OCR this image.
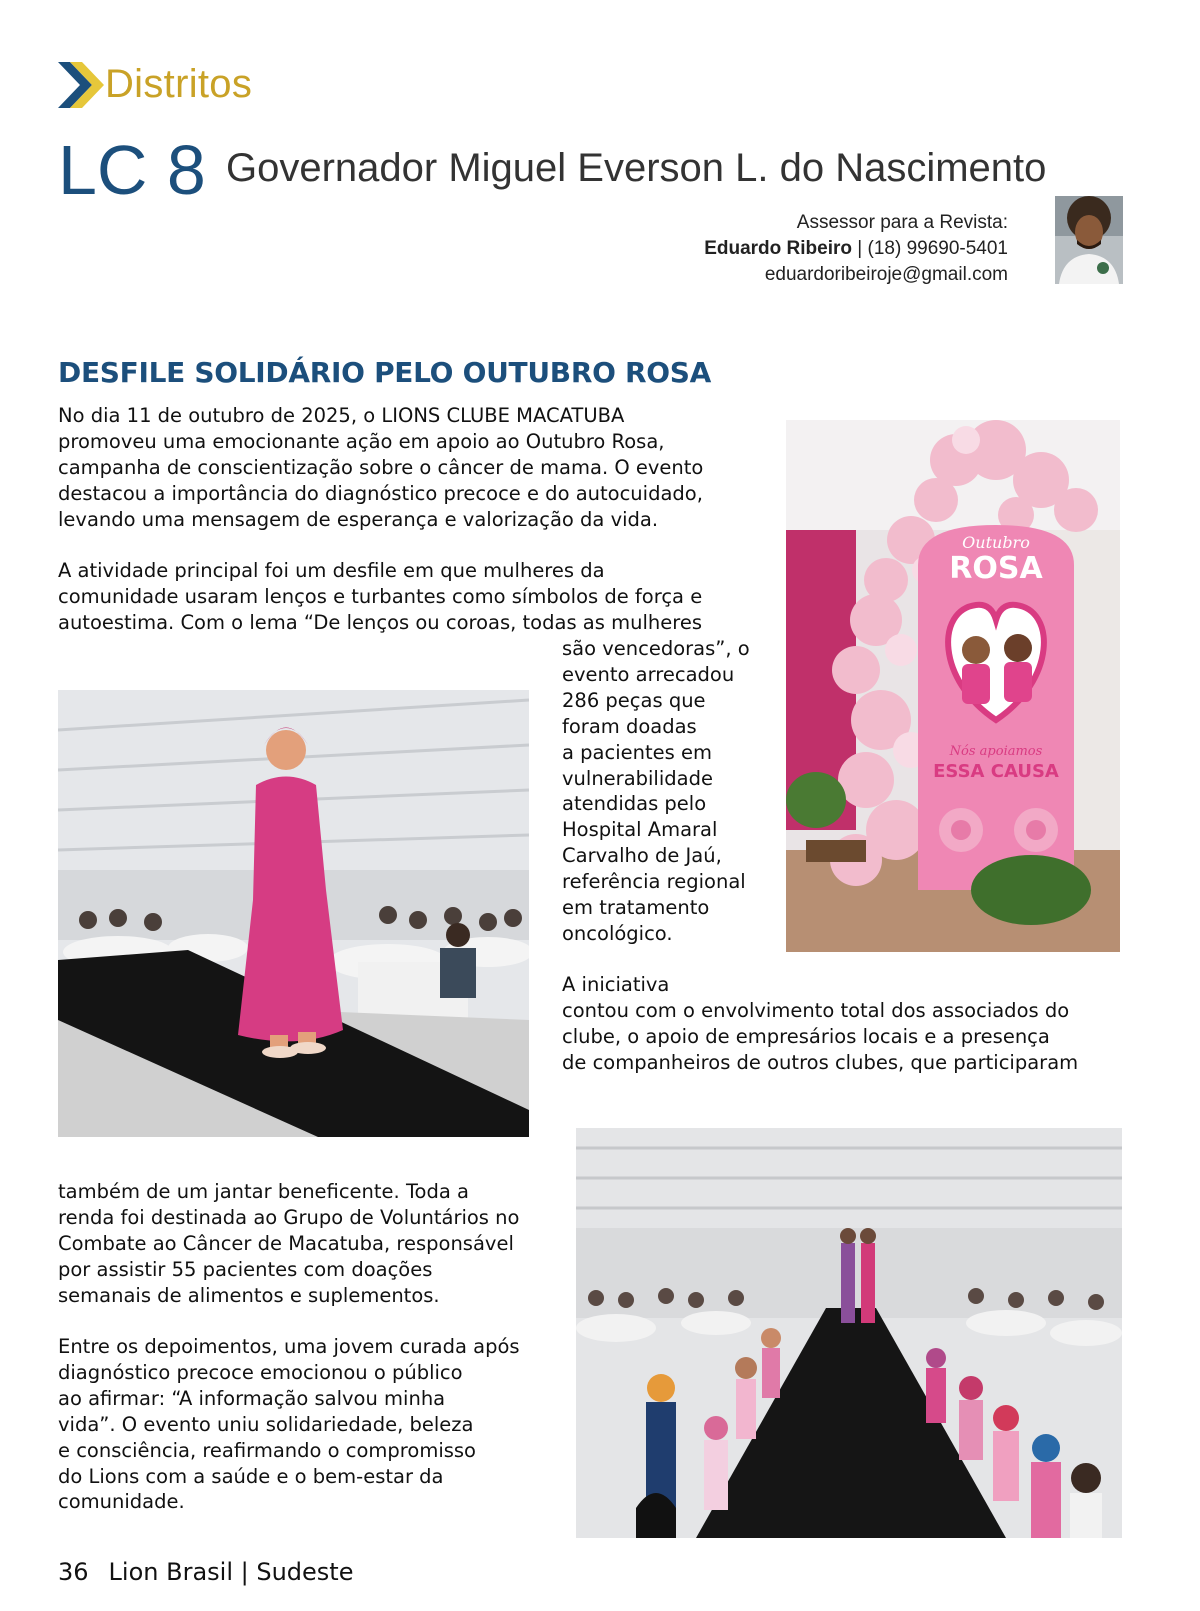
Distritos
LC 8 Governador Miguel Everson L. do Nascimento
Assessor para a Revista:
Eduardo Ribeiro | (18) 99690-5401
eduardoribeiroje@gmail.com
DESFILE SOLIDÁRIO PELO OUTUBRO ROSA
No dia 11 de outubro de 2025, o LIONS CLUBE MACATUBA
promoveu uma emocionante ação em apoio ao Outubro Rosa,
campanha de conscientização sobre o câncer de mama. O evento
destacou a importância do diagnóstico precoce e do autocuidado,
levando uma mensagem de esperança e valorização da vida.
A atividade principal foi um desfile em que mulheres da
comunidade usaram lenços e turbantes como símbolos de força e
autoestima. Com o lema “De lenços ou coroas, todas as mulheres
são vencedoras”, o
evento arrecadou
286 peças que
foram doadas
a pacientes em
vulnerabilidade
atendidas pelo
Hospital Amaral
Carvalho de Jaú,
referência regional
em tratamento
oncológico.
A iniciativa
contou com o envolvimento total dos associados do
clube, o apoio de empresários locais e a presença
de companheiros de outros clubes, que participaram
também de um jantar beneficente. Toda a
renda foi destinada ao Grupo de Voluntários no
Combate ao Câncer de Macatuba, responsável
por assistir 55 pacientes com doações
semanais de alimentos e suplementos.
Entre os depoimentos, uma jovem curada após
diagnóstico precoce emocionou o público
ao afirmar: “A informação salvou minha
vida”. O evento uniu solidariedade, beleza
e consciência, reafirmando o compromisso
do Lions com a saúde e o bem-estar da
comunidade.
Outubro
ROSA
Nós apoiamos
ESSA CAUSA
36 Lion Brasil | Sudeste
